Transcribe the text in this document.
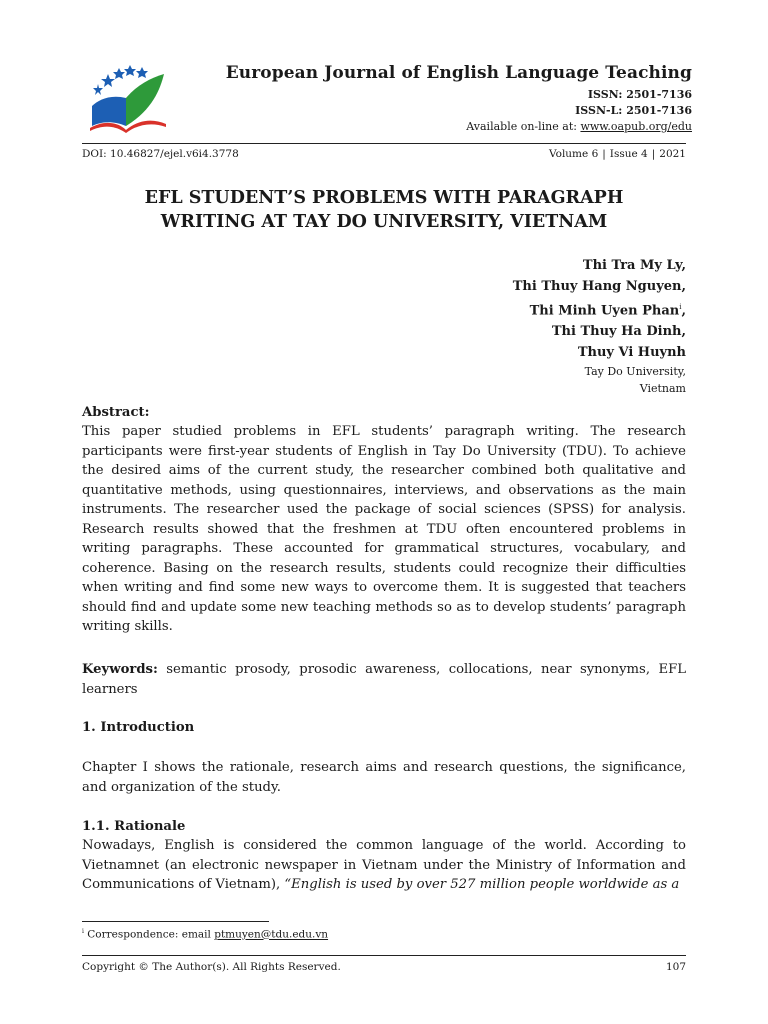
European Journal of English Language Teaching
ISSN: 2501-7136
ISSN-L: 2501-7136
Available on-line at: www.oapub.org/edu
DOI: 10.46827/ejel.v6i4.3778	Volume 6 | Issue 4 | 2021
EFL STUDENT’S PROBLEMS WITH PARAGRAPH
WRITING AT TAY DO UNIVERSITY, VIETNAM
Thi Tra My Ly,
Thi Thuy Hang Nguyen,
Thi Minh Uyen Phan$^i$,
Thi Thuy Ha Dinh,
Thuy Vi Huynh
Tay Do University,
Vietnam
Abstract:
This paper studied problems in EFL students’ paragraph writing. The research participants were first-year students of English in Tay Do University (TDU). To achieve the desired aims of the current study, the researcher combined both qualitative and quantitative methods, using questionnaires, interviews, and observations as the main instruments. The researcher used the package of social sciences (SPSS) for analysis. Research results showed that the freshmen at TDU often encountered problems in writing paragraphs. These accounted for grammatical structures, vocabulary, and coherence. Basing on the research results, students could recognize their difficulties when writing and find some new ways to overcome them. It is suggested that teachers should find and update some new teaching methods so as to develop students’ paragraph writing skills.
Keywords: semantic prosody, prosodic awareness, collocations, near synonyms, EFL learners
1. Introduction
Chapter I shows the rationale, research aims and research questions, the significance, and organization of the study.
1.1. Rationale
Nowadays, English is considered the common language of the world. According to Vietnamnet (an electronic newspaper in Vietnam under the Ministry of Information and Communications of Vietnam), “English is used by over 527 million people worldwide as a
$^i$ Correspondence: email ptmuyen@tdu.edu.vn
Copyright © The Author(s). All Rights Reserved.	107
